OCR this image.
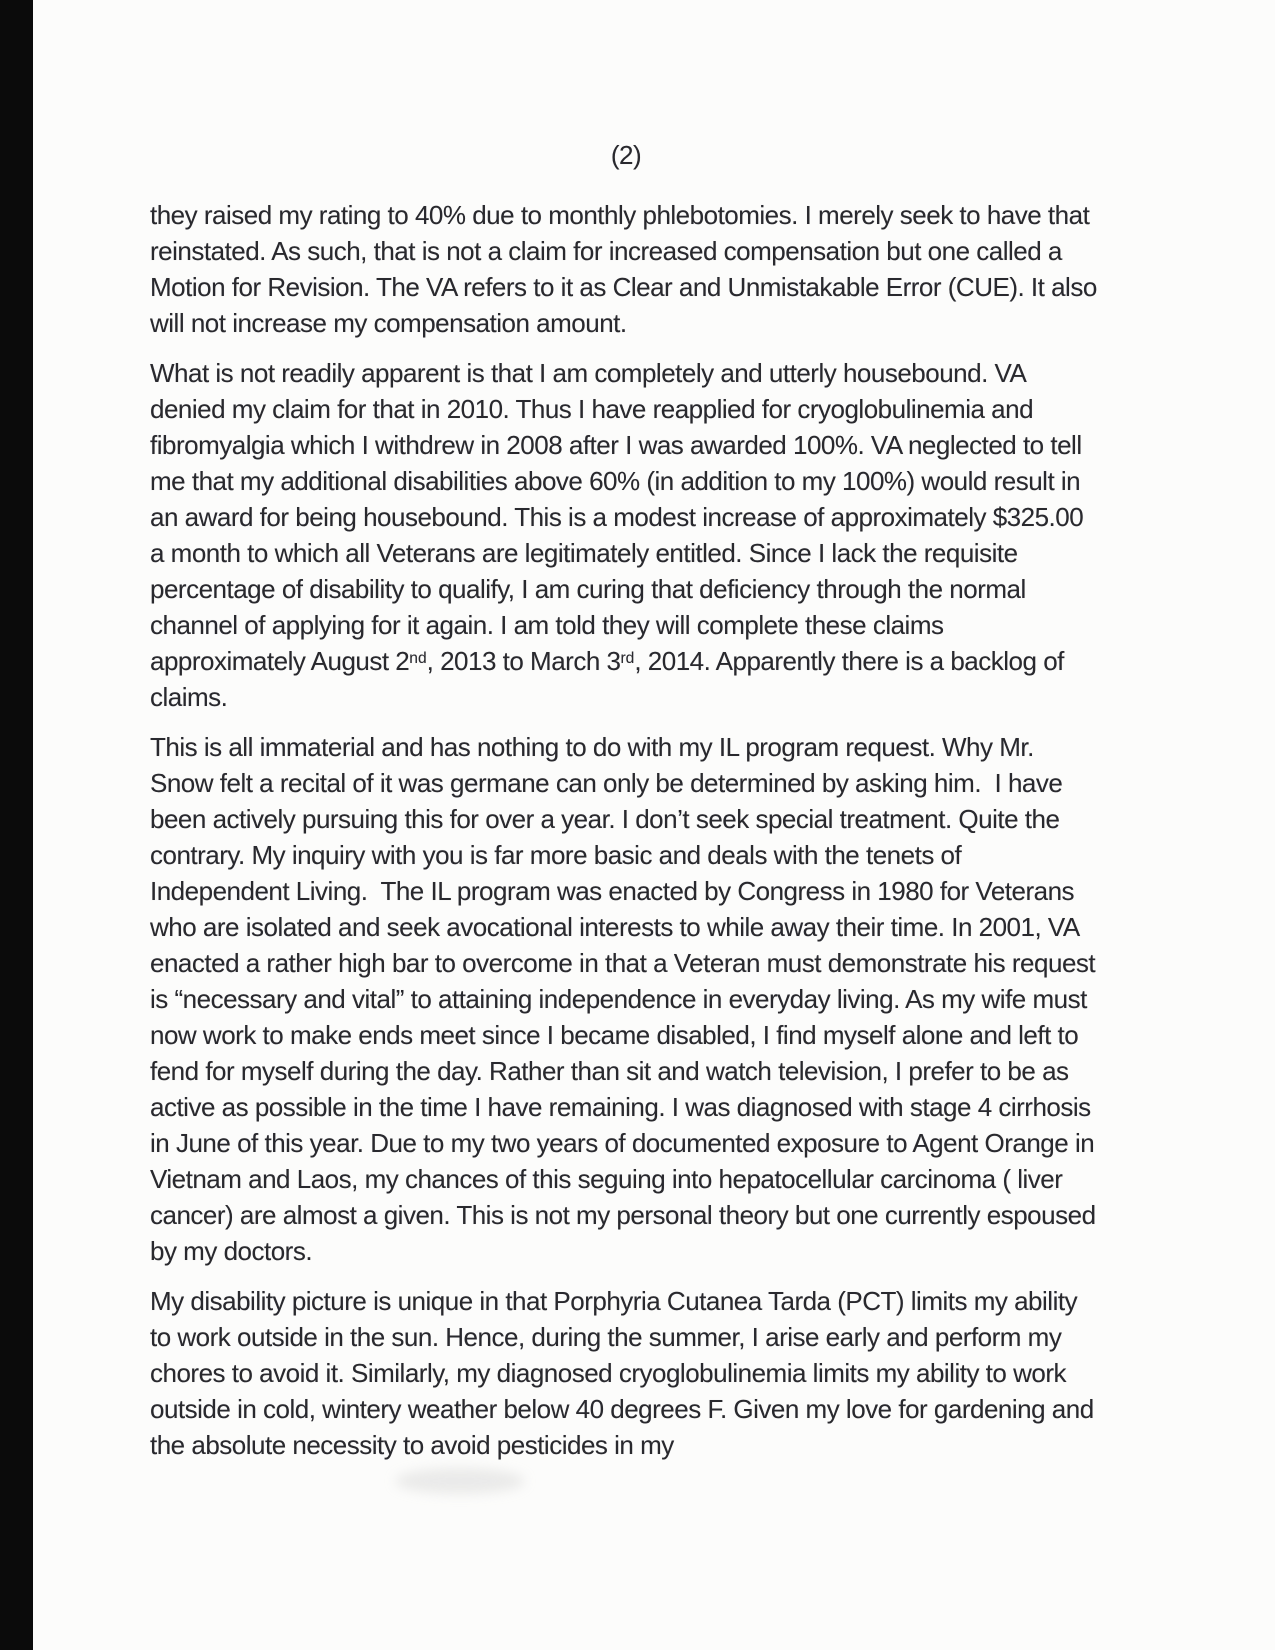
(2)

they raised my rating to 40% due to monthly phlebotomies. I merely seek to have that reinstated. As such, that is not a claim for increased compensation but one called a Motion for Revision. The VA refers to it as Clear and Unmistakable Error (CUE). It also will not increase my compensation amount.

What is not readily apparent is that I am completely and utterly housebound. VA denied my claim for that in 2010. Thus I have reapplied for cryoglobulinemia and fibromyalgia which I withdrew in 2008 after I was awarded 100%. VA neglected to tell me that my additional disabilities above 60% (in addition to my 100%) would result in an award for being housebound. This is a modest increase of approximately $325.00 a month to which all Veterans are legitimately entitled. Since I lack the requisite percentage of disability to qualify, I am curing that deficiency through the normal channel of applying for it again. I am told they will complete these claims approximately August 2nd, 2013 to March 3rd, 2014. Apparently there is a backlog of claims.

This is all immaterial and has nothing to do with my IL program request. Why Mr. Snow felt a recital of it was germane can only be determined by asking him.  I have been actively pursuing this for over a year. I don’t seek special treatment. Quite the contrary. My inquiry with you is far more basic and deals with the tenets of Independent Living.  The IL program was enacted by Congress in 1980 for Veterans who are isolated and seek avocational interests to while away their time. In 2001, VA enacted a rather high bar to overcome in that a Veteran must demonstrate his request is “necessary and vital” to attaining independence in everyday living. As my wife must now work to make ends meet since I became disabled, I find myself alone and left to fend for myself during the day. Rather than sit and watch television, I prefer to be as active as possible in the time I have remaining. I was diagnosed with stage 4 cirrhosis in June of this year. Due to my two years of documented exposure to Agent Orange in Vietnam and Laos, my chances of this seguing into hepatocellular carcinoma ( liver cancer) are almost a given. This is not my personal theory but one currently espoused by my doctors.

My disability picture is unique in that Porphyria Cutanea Tarda (PCT) limits my ability to work outside in the sun. Hence, during the summer, I arise early and perform my chores to avoid it. Similarly, my diagnosed cryoglobulinemia limits my ability to work outside in cold, wintery weather below 40 degrees F. Given my love for gardening and the absolute necessity to avoid pesticides in my
